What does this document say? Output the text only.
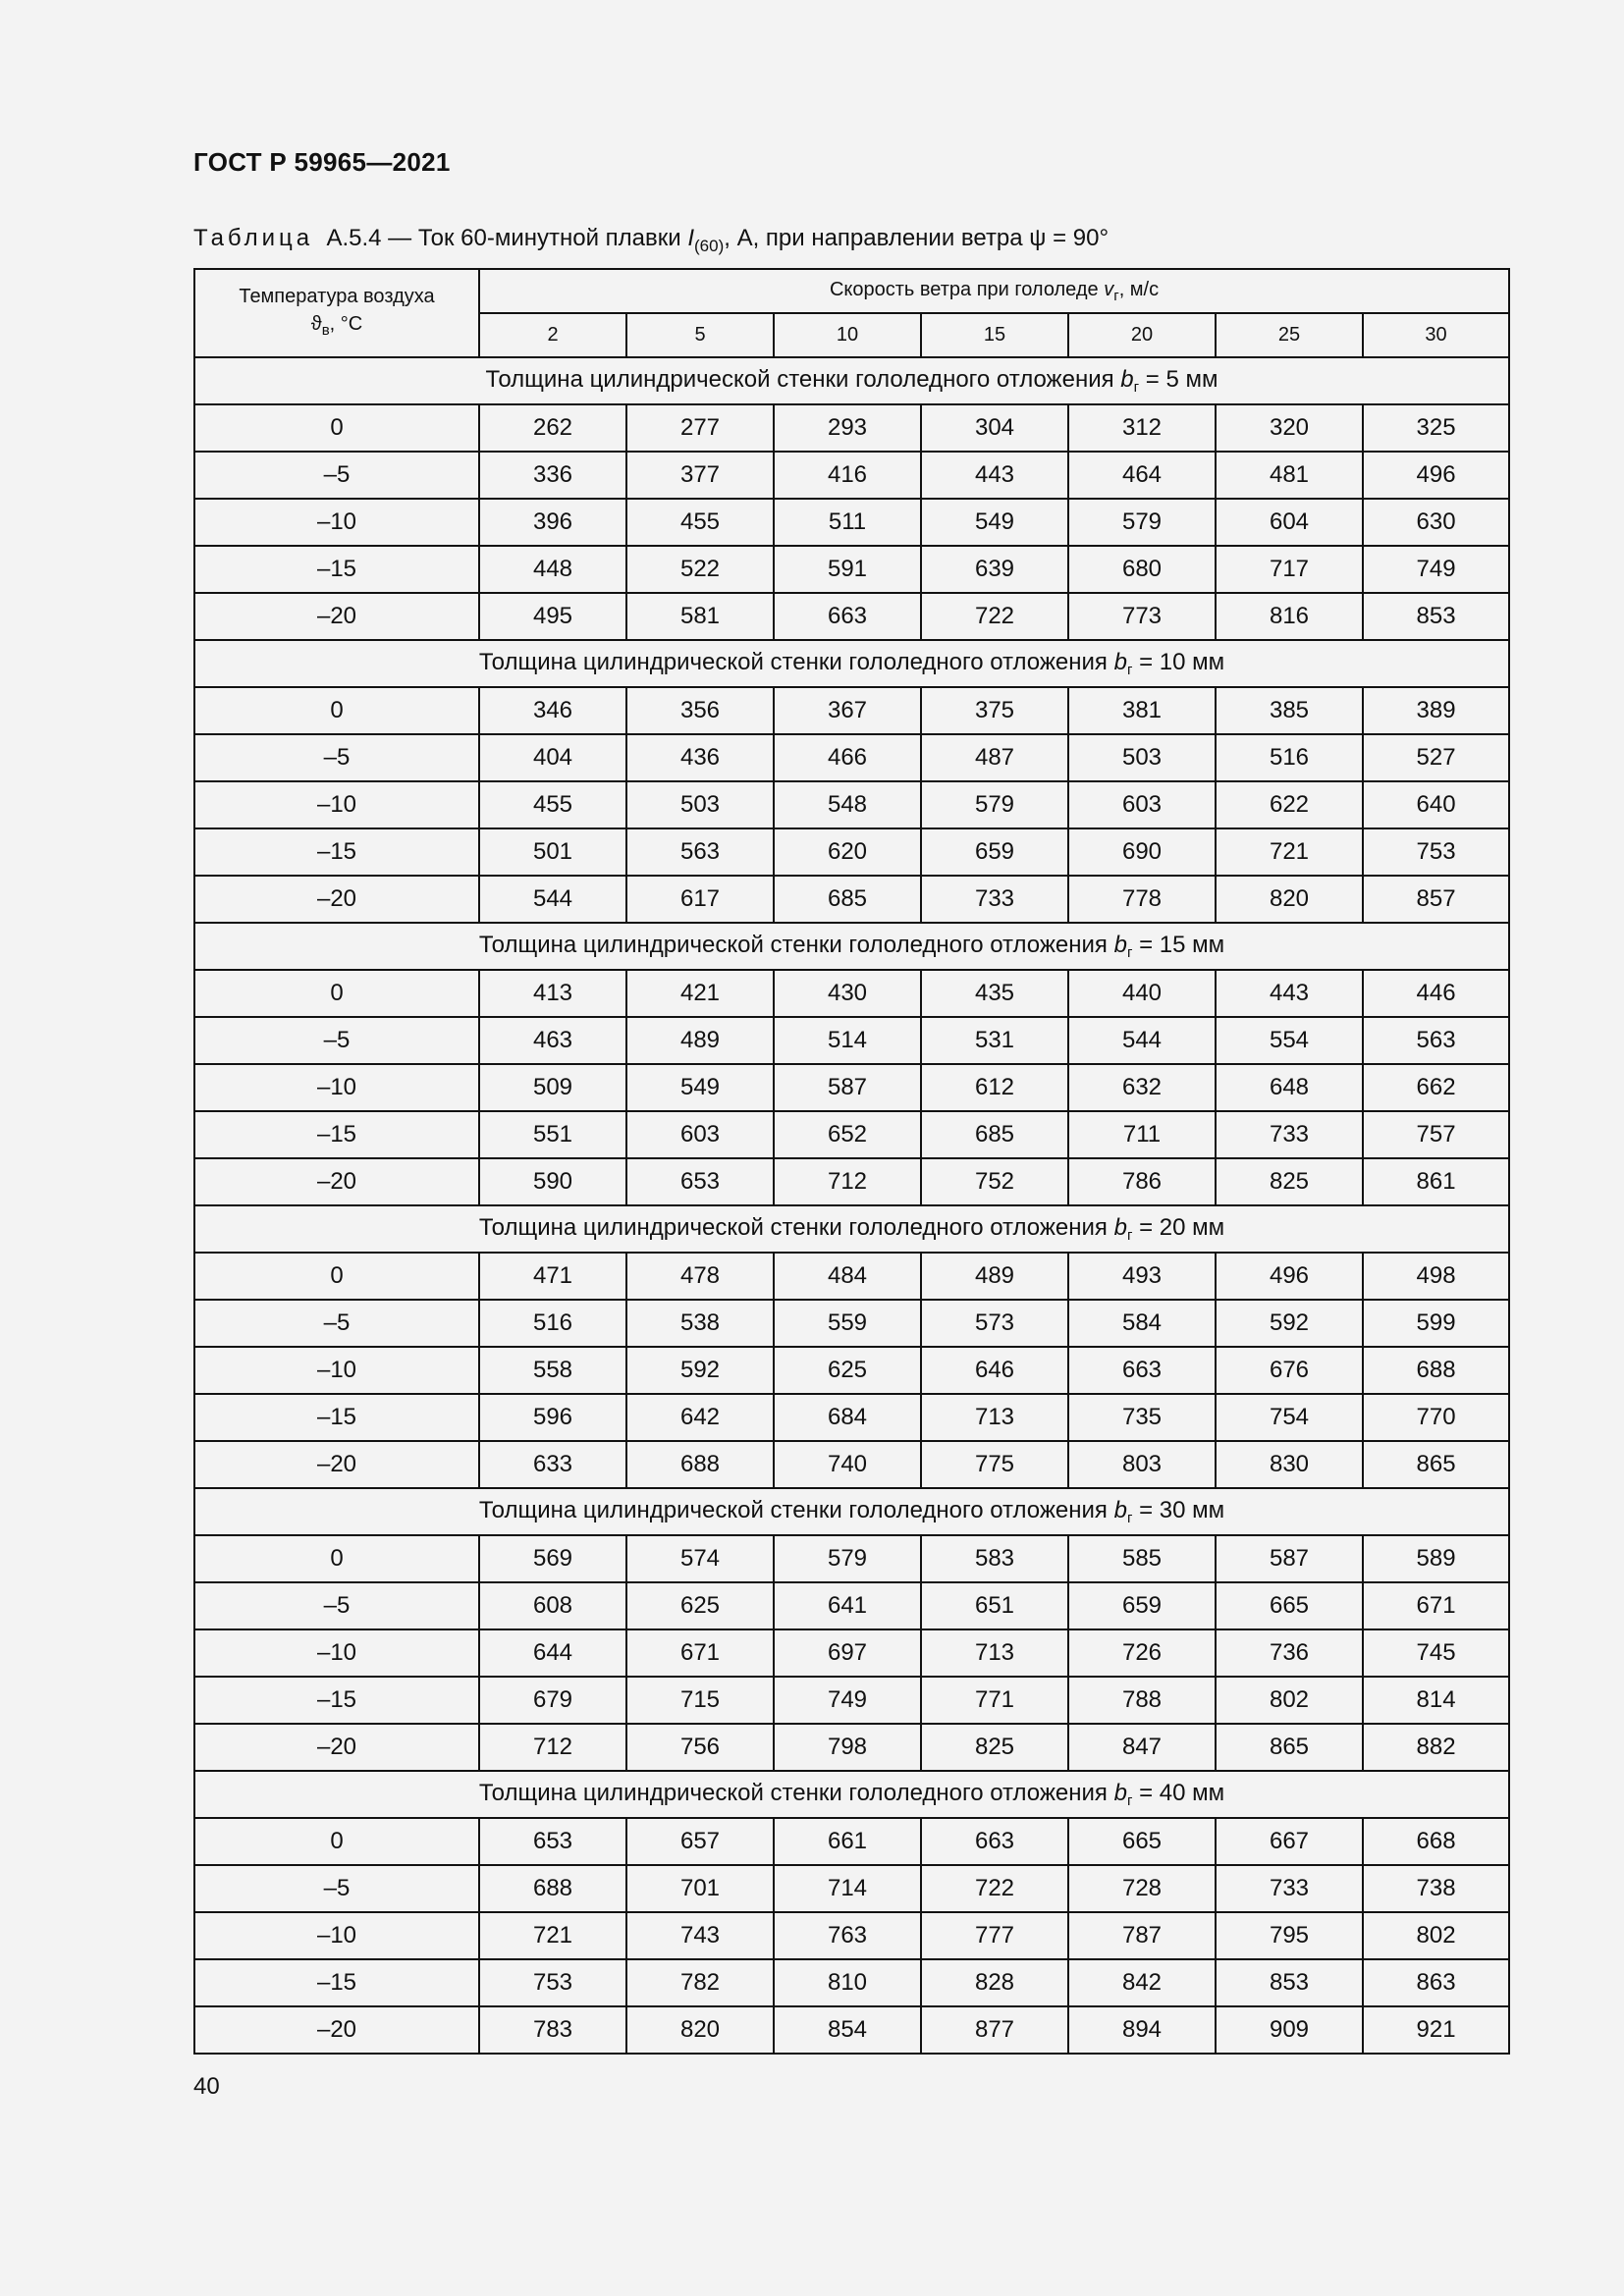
ГОСТ Р 59965—2021
Таблица А.5.4 — Ток 60-минутной плавки $I_{(60)}$, А, при направлении ветра ψ = 90°
Температура воздуха
$ϑ_в$, °С	Скорость ветра при гололеде $v_г$, м/с						
	2	5	10	15	20	25	30
Толщина цилиндрической стенки гололедного отложения $b_г = 5$ мм							
0	262	277	293	304	312	320	325
–5	336	377	416	443	464	481	496
–10	396	455	511	549	579	604	630
–15	448	522	591	639	680	717	749
–20	495	581	663	722	773	816	853
Толщина цилиндрической стенки гололедного отложения $b_г = 10$ мм							
0	346	356	367	375	381	385	389
–5	404	436	466	487	503	516	527
–10	455	503	548	579	603	622	640
–15	501	563	620	659	690	721	753
–20	544	617	685	733	778	820	857
Толщина цилиндрической стенки гололедного отложения $b_г = 15$ мм							
0	413	421	430	435	440	443	446
–5	463	489	514	531	544	554	563
–10	509	549	587	612	632	648	662
–15	551	603	652	685	711	733	757
–20	590	653	712	752	786	825	861
Толщина цилиндрической стенки гололедного отложения $b_г = 20$ мм							
0	471	478	484	489	493	496	498
–5	516	538	559	573	584	592	599
–10	558	592	625	646	663	676	688
–15	596	642	684	713	735	754	770
–20	633	688	740	775	803	830	865
Толщина цилиндрической стенки гололедного отложения $b_г = 30$ мм							
0	569	574	579	583	585	587	589
–5	608	625	641	651	659	665	671
–10	644	671	697	713	726	736	745
–15	679	715	749	771	788	802	814
–20	712	756	798	825	847	865	882
Толщина цилиндрической стенки гололедного отложения $b_г = 40$ мм							
0	653	657	661	663	665	667	668
–5	688	701	714	722	728	733	738
–10	721	743	763	777	787	795	802
–15	753	782	810	828	842	853	863
–20	783	820	854	877	894	909	921
40
